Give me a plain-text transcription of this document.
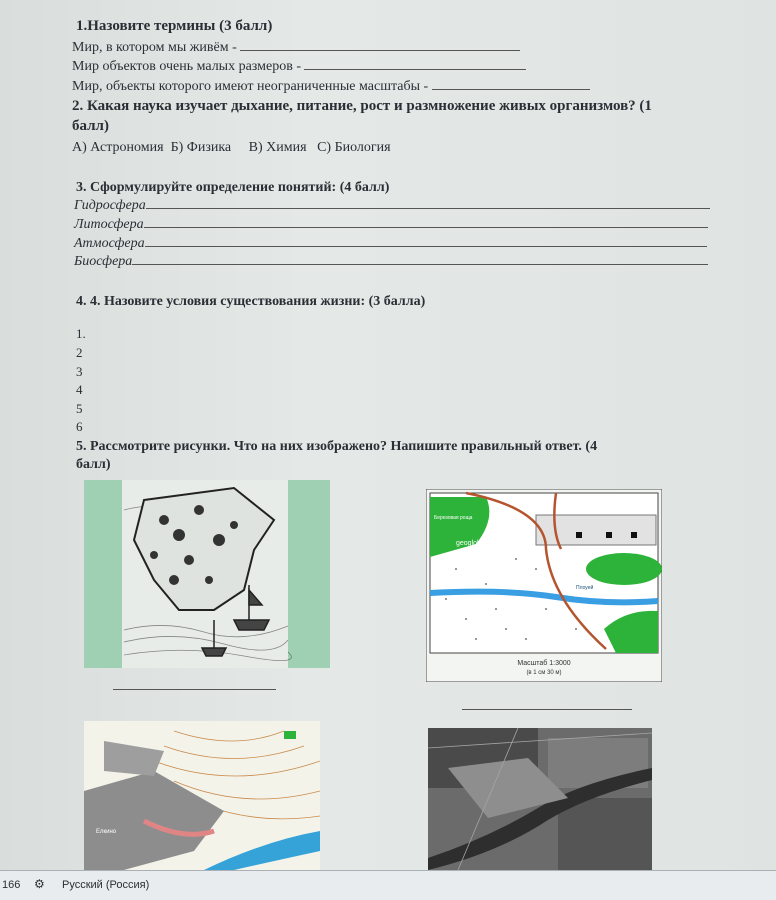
1.Назовите термины (3 балл)
Мир, в котором мы живём -
Мир объектов очень малых размеров -
Мир, объекты которого имеют неограниченные масштабы -
2. Какая наука изучает дыхание, питание, рост и размножение живых организмов? (1
балл)
А) Астрономия Б) Физика В) Химия С) Биология
3. Сформулируйте определение понятий: (4 балл)
Гидросфера
Литосфера
Атмосфера
Биосфера
4. 4. Назовите условия существования жизни: (3 балла)
1.
2
3
4
5
6
5. Рассмотрите рисунки. Что на них изображено? Напишите правильный ответ. (4
балл)
geoglobus.ru
Березовая роща
Плоуей
Масштаб 1:3000
(в 1 см 30 м)
Елкино
166 ⚙ Русский (Россия)
